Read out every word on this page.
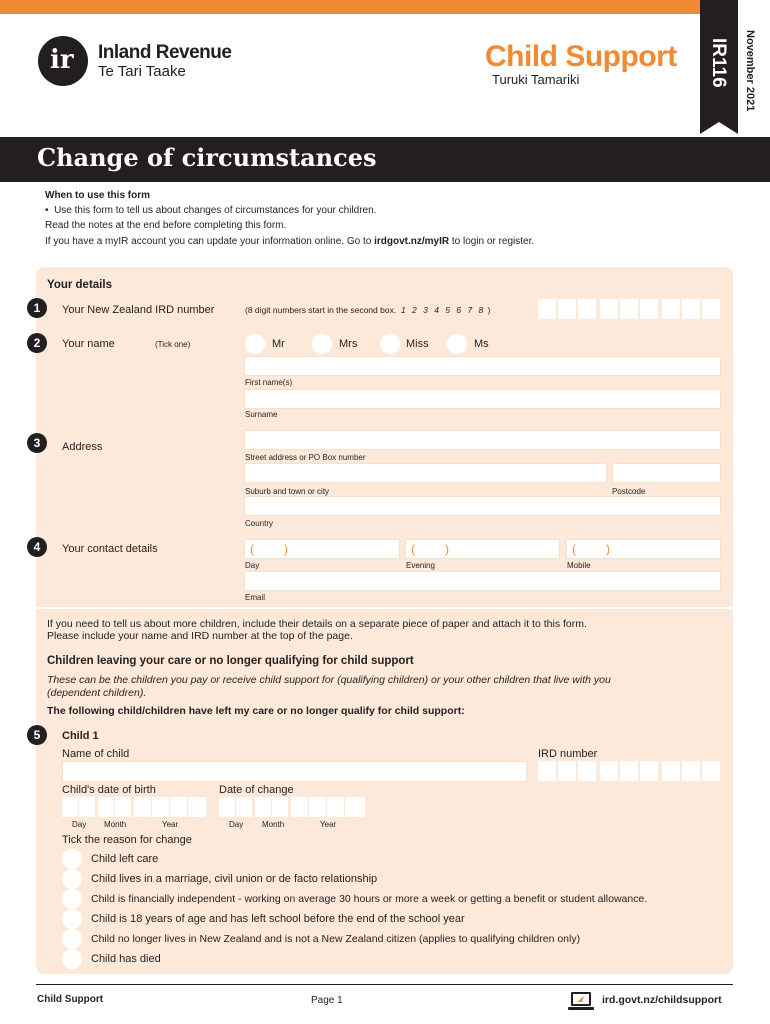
IR116 November 2021
ir Inland Revenue
Te Tari Taake	Child Support
Turuki Tamariki
Change of circumstances
When to use this form
•  Use this form to tell us about changes of circumstances for your children.
Read the notes at the end before completing this form.
If you have a myIR account you can update your information online. Go to irdgovt.nz/myIR to login or register.
Your details
1	Your New Zealand IRD number	(8 digit numbers start in the second box. 1 2 3 4 5 6 7 8 )
2	Your name	(Tick one)	Mr	Mrs	Miss	Ms
First name(s)
Surname
3	Address
Street address or PO Box number
Suburb and town or city	Postcode
Country
4	Your contact details	(         )	(         )	(         )
Day	Evening	Mobile
Email
If you need to tell us about more children, include their details on a separate piece of paper and attach it to this form.
Please include your name and IRD number at the top of the page.
Children leaving your care or no longer qualifying for child support
These can be the children you pay or receive child support for (qualifying children) or your other children that live with you
(dependent children).
The following child/children have left my care or no longer qualify for child support:
5	Child 1
Name of child	IRD number
Child's date of birth	Date of change
Day Month	Year	Day Month	Year
Tick the reason for change
Child left care
Child lives in a marriage, civil union or de facto relationship
Child is financially independent - working on average 30 hours or more a week or getting a benefit or student allowance.
Child is 18 years of age and has left school before the end of the school year
Child no longer lives in New Zealand and is not a New Zealand citizen (applies to qualifying children only)
Child has died
Child Support	Page 1	ird.govt.nz/childsupport
